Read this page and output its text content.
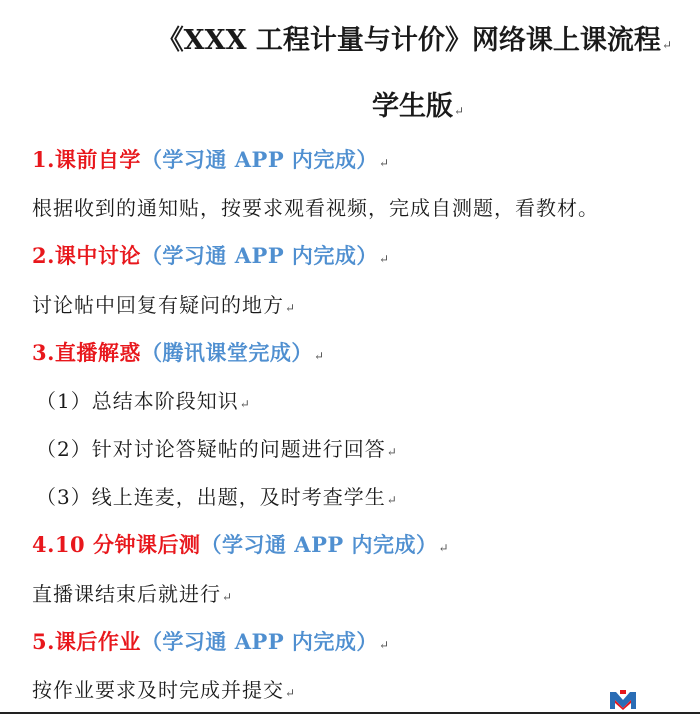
《XXX 工程计量与计价》网络课上课流程↵
学生版↵
1.课前自学（学习通 APP 内完成）↵
根据收到的通知贴，按要求观看视频，完成自测题，看教材。
2.课中讨论（学习通 APP 内完成）↵
讨论帖中回复有疑问的地方↵
3.直播解惑（腾讯课堂完成）↵
（1）总结本阶段知识↵
（2）针对讨论答疑帖的问题进行回答↵
（3）线上连麦，出题，及时考查学生↵
4.10 分钟课后测（学习通 APP 内完成）↵
直播课结束后就进行↵
5.课后作业（学习通 APP 内完成）↵
按作业要求及时完成并提交↵
